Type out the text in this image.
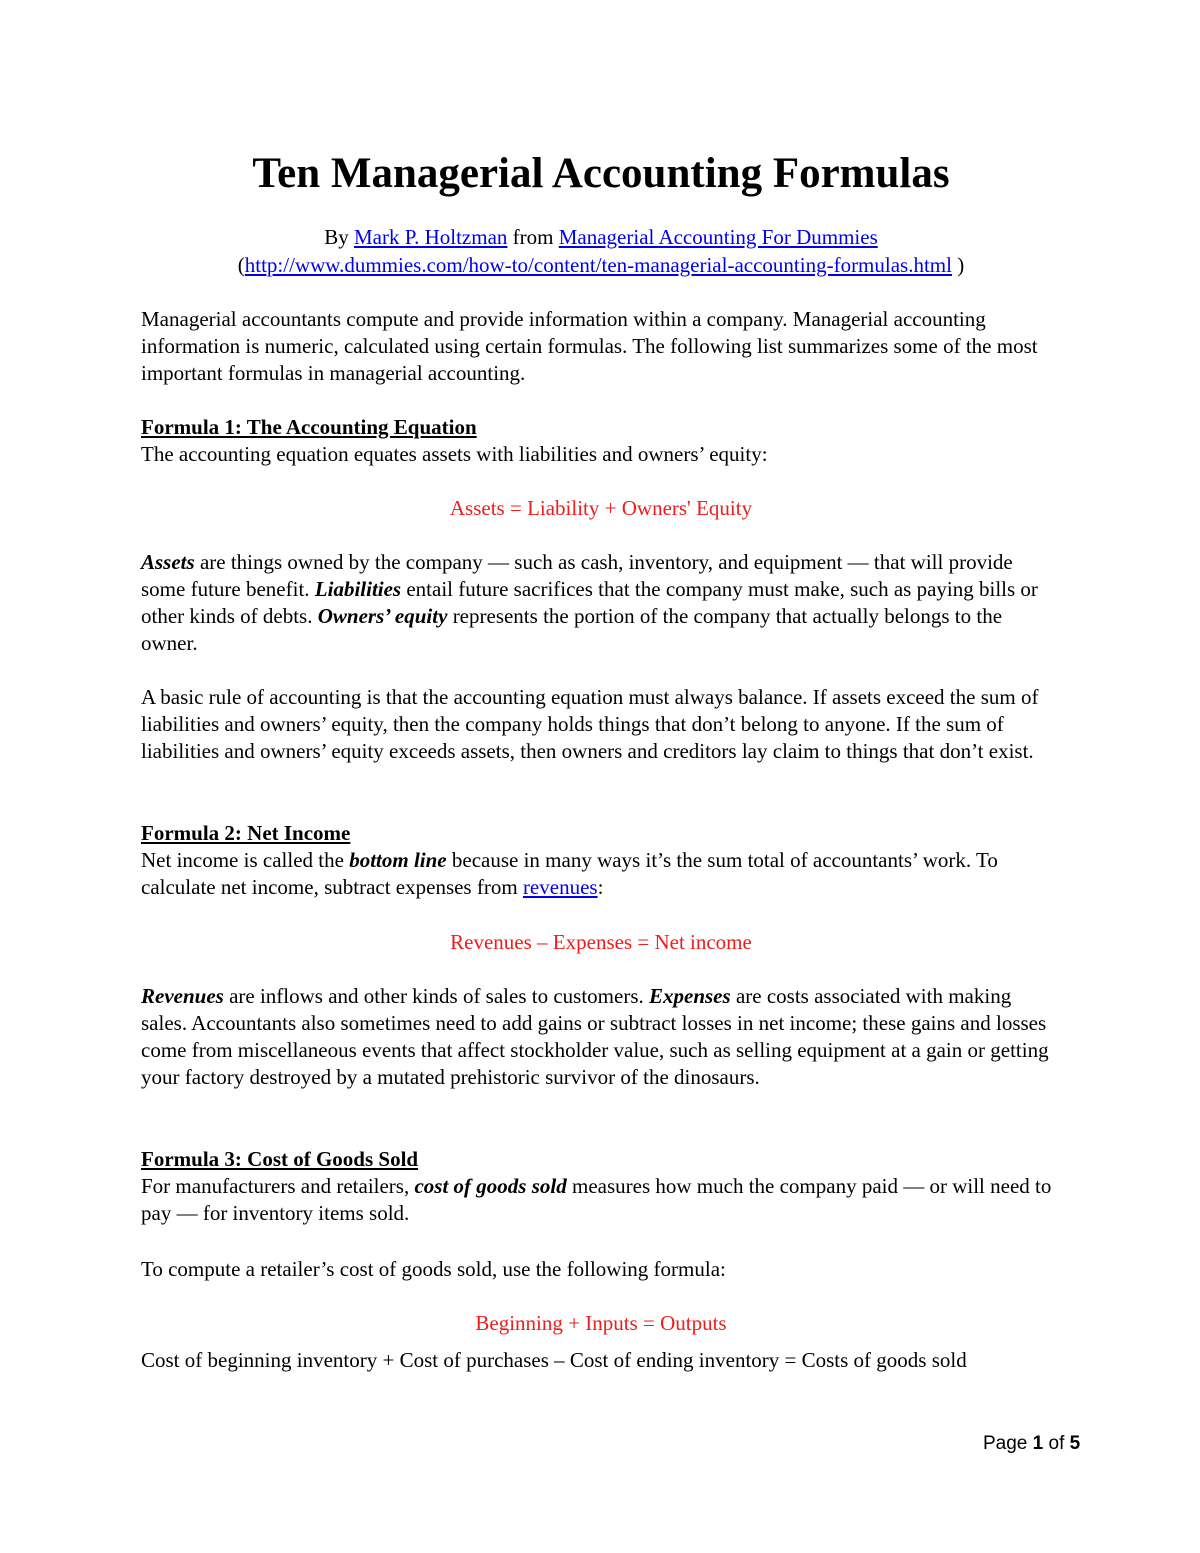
Ten Managerial Accounting Formulas
By Mark P. Holtzman from Managerial Accounting For Dummies
(http://www.dummies.com/how-to/content/ten-managerial-accounting-formulas.html )

Managerial accountants compute and provide information within a company. Managerial accounting information is numeric, calculated using certain formulas. The following list summarizes some of the most important formulas in managerial accounting.

Formula 1: The Accounting Equation
The accounting equation equates assets with liabilities and owners’ equity:
Assets = Liability + Owners' Equity

Assets are things owned by the company — such as cash, inventory, and equipment — that will provide some future benefit. Liabilities entail future sacrifices that the company must make, such as paying bills or other kinds of debts. Owners’ equity represents the portion of the company that actually belongs to the owner.

A basic rule of accounting is that the accounting equation must always balance. If assets exceed the sum of liabilities and owners’ equity, then the company holds things that don’t belong to anyone. If the sum of liabilities and owners’ equity exceeds assets, then owners and creditors lay claim to things that don’t exist.

Formula 2: Net Income
Net income is called the bottom line because in many ways it’s the sum total of accountants’ work. To calculate net income, subtract expenses from revenues:
Revenues – Expenses = Net income

Revenues are inflows and other kinds of sales to customers. Expenses are costs associated with making sales. Accountants also sometimes need to add gains or subtract losses in net income; these gains and losses come from miscellaneous events that affect stockholder value, such as selling equipment at a gain or getting your factory destroyed by a mutated prehistoric survivor of the dinosaurs.

Formula 3: Cost of Goods Sold
For manufacturers and retailers, cost of goods sold measures how much the company paid — or will need to pay — for inventory items sold.

To compute a retailer’s cost of goods sold, use the following formula:

Beginning + Inputs = Outputs

Cost of beginning inventory + Cost of purchases – Cost of ending inventory = Costs of goods sold

Page 1 of 5
